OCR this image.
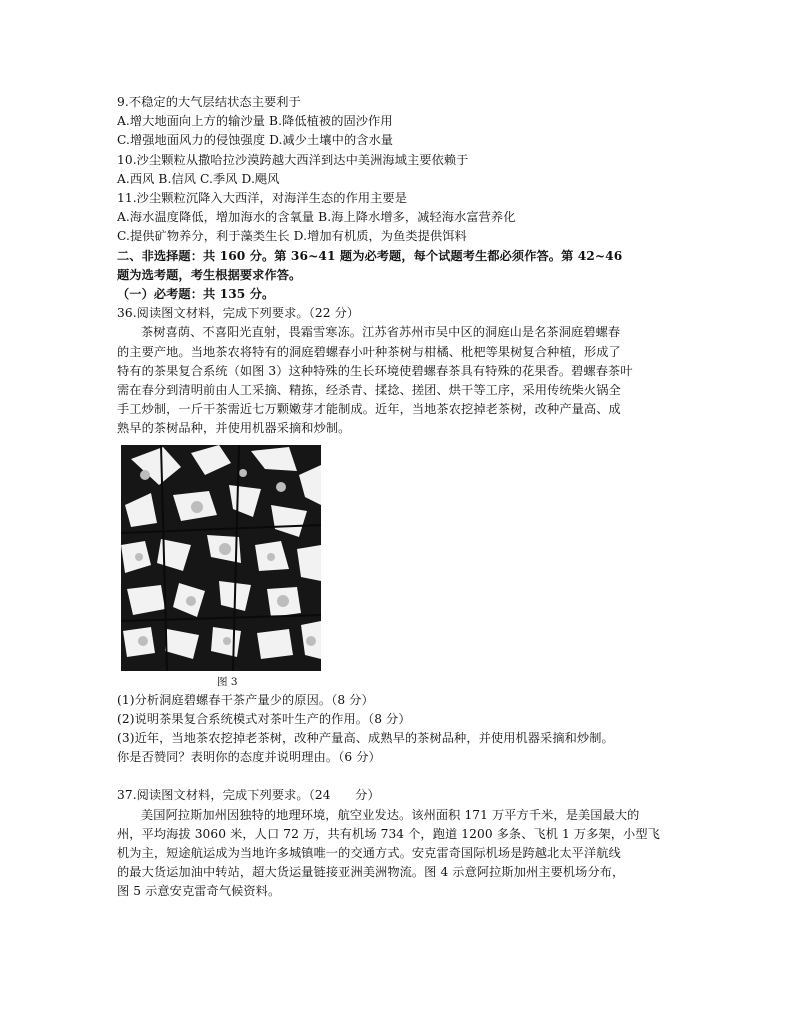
9.不稳定的大气层结状态主要利于

A.增大地面向上方的输沙量 B.降低植被的固沙作用

C.增强地面风力的侵蚀强度 D.减少土壤中的含水量

10.沙尘颗粒从撒哈拉沙漠跨越大西洋到达中美洲海域主要依赖于

A.西风 B.信风 C.季风 D.飓风

11.沙尘颗粒沉降入大西洋，对海洋生态的作用主要是

A.海水温度降低，增加海水的含氧量 B.海上降水增多，减轻海水富营养化

C.提供矿物养分，利于藻类生长 D.增加有机质，为鱼类提供饵料

二、非选择题：共 160 分。第 36~41 题为必考题，每个试题考生都必须作答。第 42~46

题为选考题，考生根据要求作答。

（一）必考题：共 135 分。

36.阅读图文材料，完成下列要求。（22 分）

茶树喜荫、不喜阳光直射，畏霜雪寒冻。江苏省苏州市吴中区的洞庭山是名茶洞庭碧螺春

的主要产地。当地茶农将特有的洞庭碧螺春小叶种茶树与柑橘、枇杷等果树复合种植，形成了

特有的茶果复合系统（如图 3）这种特殊的生长环境使碧螺春茶具有特殊的花果香。碧螺春茶叶

需在春分到清明前由人工采摘、精拣，经杀青、揉捻、搓团、烘干等工序，采用传统柴火锅全

手工炒制，一斤干茶需近七万颗嫩芽才能制成。近年，当地茶农挖掉老茶树，改种产量高、成

熟早的茶树品种，并使用机器采摘和炒制。

图 3

(1)分析洞庭碧螺春干茶产量少的原因。（8 分）

(2)说明茶果复合系统模式对茶叶生产的作用。（8 分）

(3)近年，当地茶农挖掉老茶树，改种产量高、成熟早的茶树品种，并使用机器采摘和炒制。

你是否赞同？表明你的态度并说明理由。（6 分）

37.阅读图文材料，完成下列要求。（24　　分）

美国阿拉斯加州因独特的地理环境，航空业发达。该州面积 171 万平方千米，是美国最大的

州，平均海拔 3060 米，人口 72 万，共有机场 734 个，跑道 1200 多条、飞机 1 万多架，小型飞

机为主，短途航运成为当地许多城镇唯一的交通方式。安克雷奇国际机场是跨越北太平洋航线

的最大货运加油中转站，超大货运量链接亚洲美洲物流。图 4 示意阿拉斯加州主要机场分布，

图 5 示意安克雷奇气候资料。
